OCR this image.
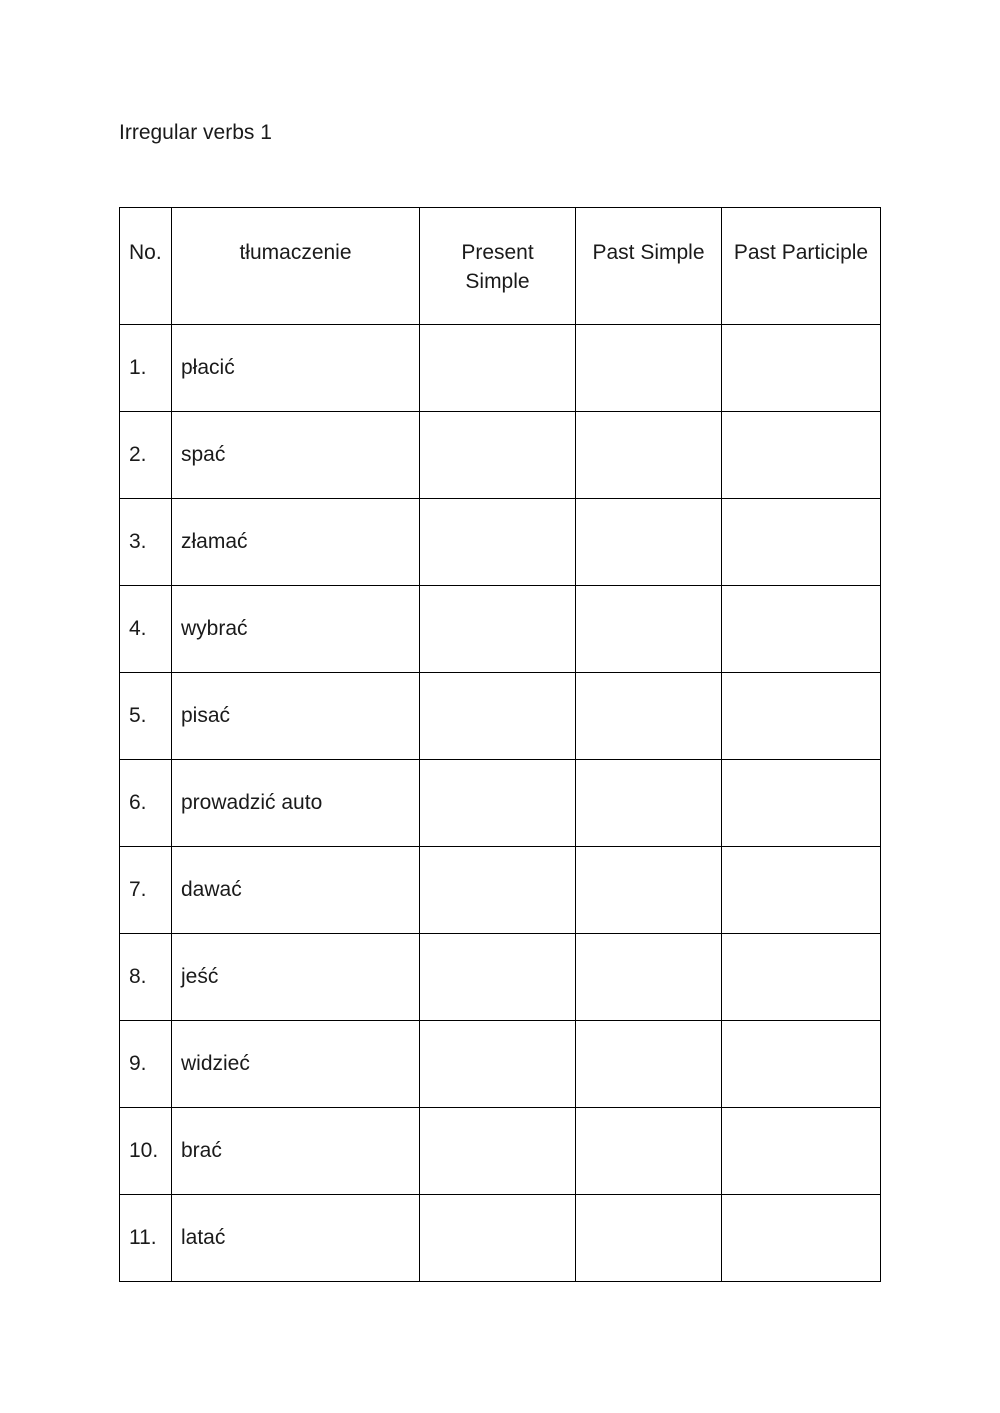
Irregular verbs 1
No.	tłumaczenie	Present Simple	Past Simple	Past Participle
1.	płacić			
2.	spać			
3.	złamać			
4.	wybrać			
5.	pisać			
6.	prowadzić auto			
7.	dawać			
8.	jeść			
9.	widzieć			
10.	brać			
11.	latać			
